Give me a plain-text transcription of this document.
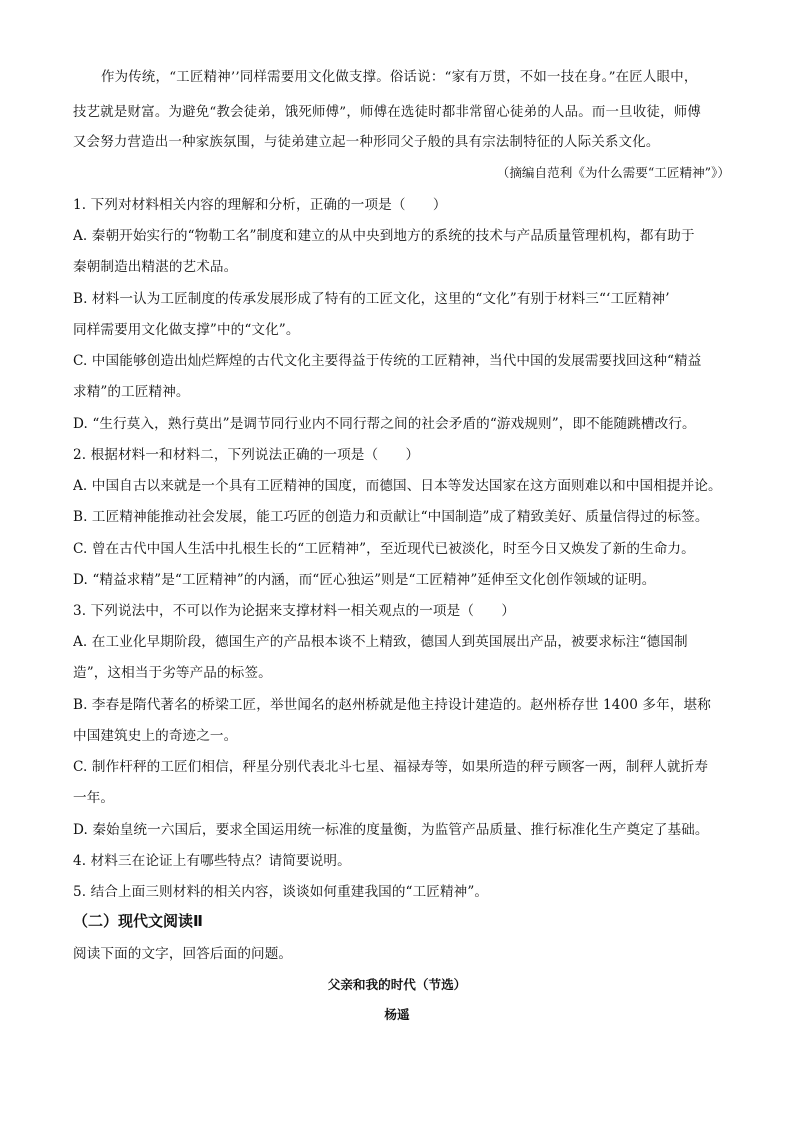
作为传统，“工匠精神’’同样需要用文化做支撑。俗话说：“家有万贯，不如一技在身。”在匠人眼中，
技艺就是财富。为避免“教会徒弟，饿死师傅”，师傅在选徒时都非常留心徒弟的人品。而一旦收徒，师傅
又会努力营造出一种家族氛围，与徒弟建立起一种形同父子般的具有宗法制特征的人际关系文化。
（摘编自范利《为什么需要“工匠精神”》）
1. 下列对材料相关内容的理解和分析，正确的一项是（　　）
A. 秦朝开始实行的“物勒工名”制度和建立的从中央到地方的系统的技术与产品质量管理机构，都有助于
秦朝制造出精湛的艺术品。
B. 材料一认为工匠制度的传承发展形成了特有的工匠文化，这里的“文化”有别于材料三“‘工匠精神’
同样需要用文化做支撑”中的“文化”。
C. 中国能够创造出灿烂辉煌的古代文化主要得益于传统的工匠精神，当代中国的发展需要找回这种“精益
求精”的工匠精神。
D. “生行莫入，熟行莫出”是调节同行业内不同行帮之间的社会矛盾的“游戏规则”，即不能随跳槽改行。
2. 根据材料一和材料二，下列说法正确的一项是（　　）
A. 中国自古以来就是一个具有工匠精神的国度，而德国、日本等发达国家在这方面则难以和中国相提并论。
B. 工匠精神能推动社会发展，能工巧匠的创造力和贡献让“中国制造”成了精致美好、质量信得过的标签。
C. 曾在古代中国人生活中扎根生长的“工匠精神”，至近现代已被淡化，时至今日又焕发了新的生命力。
D. “精益求精”是“工匠精神”的内涵，而“匠心独运”则是“工匠精神”延伸至文化创作领域的证明。
3. 下列说法中，不可以作为论据来支撑材料一相关观点的一项是（　　）
A. 在工业化早期阶段，德国生产的产品根本谈不上精致，德国人到英国展出产品，被要求标注“德国制
造”，这相当于劣等产品的标签。
B. 李春是隋代著名的桥梁工匠，举世闻名的赵州桥就是他主持设计建造的。赵州桥存世 1400 多年，堪称
中国建筑史上的奇迹之一。
C. 制作杆秤的工匠们相信，秤星分别代表北斗七星、福禄寿等，如果所造的秤亏顾客一两，制秤人就折寿
一年。
D. 秦始皇统一六国后，要求全国运用统一标准的度量衡，为监管产品质量、推行标准化生产奠定了基础。
4. 材料三在论证上有哪些特点？请简要说明。
5. 结合上面三则材料的相关内容，谈谈如何重建我国的“工匠精神”。
（二）现代文阅读Ⅱ
阅读下面的文字，回答后面的问题。
父亲和我的时代（节选）
杨遥
